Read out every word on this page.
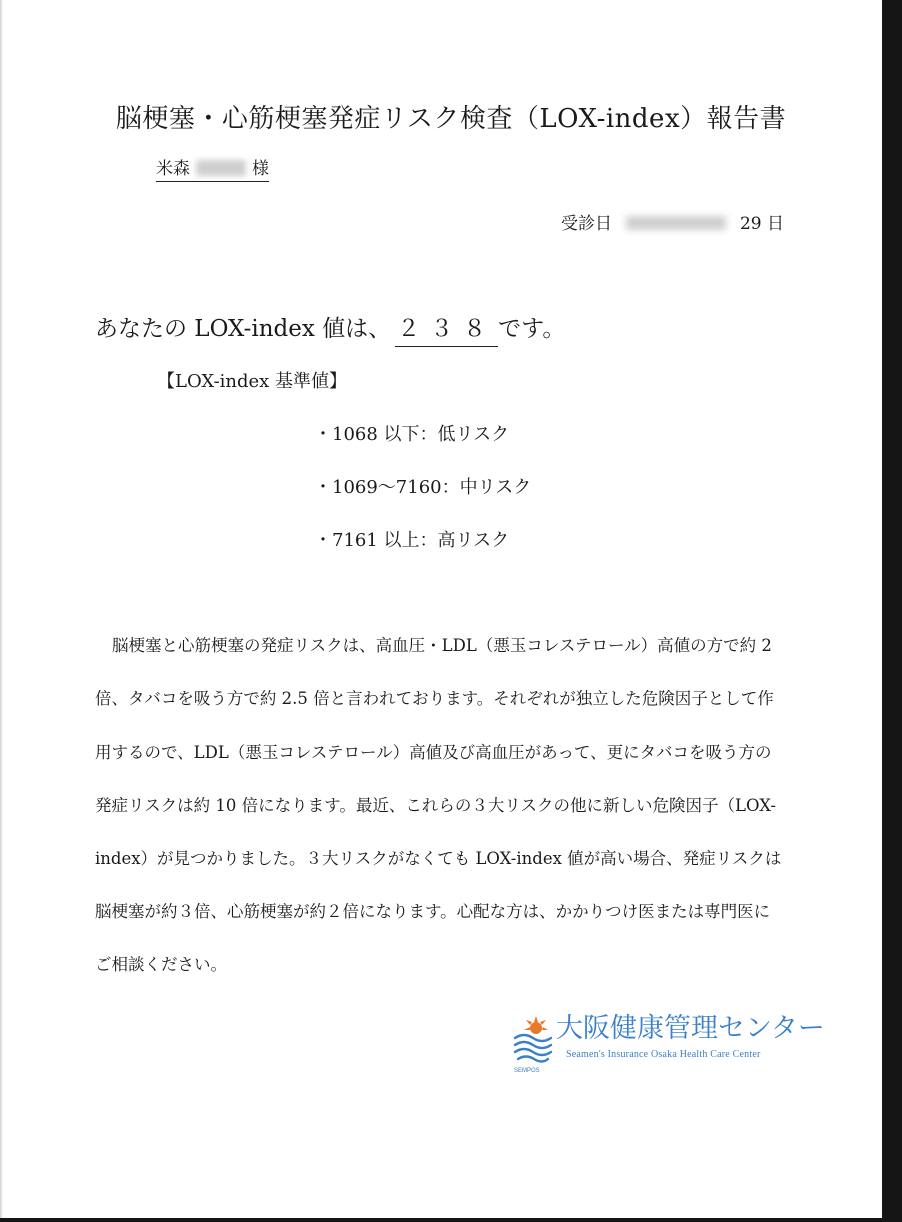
脳梗塞・心筋梗塞発症リスク検査（LOX-index）報告書
米森	様
受診日	29 日
あなたの LOX-index 値は、 ２３８です。
【LOX-index 基準値】
・1068 以下：低リスク
・1069～7160：中リスク
・7161 以上：高リスク
脳梗塞と心筋梗塞の発症リスクは、高血圧・LDL（悪玉コレステロール）高値の方で約 2
倍、タバコを吸う方で約 2.5 倍と言われております。それぞれが独立した危険因子として作
用するので、LDL（悪玉コレステロール）高値及び高血圧があって、更にタバコを吸う方の
発症リスクは約 10 倍になります。最近、これらの３大リスクの他に新しい危険因子（LOX-
index）が見つかりました。３大リスクがなくても LOX-index 値が高い場合、発症リスクは
脳梗塞が約３倍、心筋梗塞が約２倍になります。心配な方は、かかりつけ医または専門医に
ご相談ください。
大阪健康管理センター
Seamen's Insurance Osaka Health Care Center
SEMPOS
